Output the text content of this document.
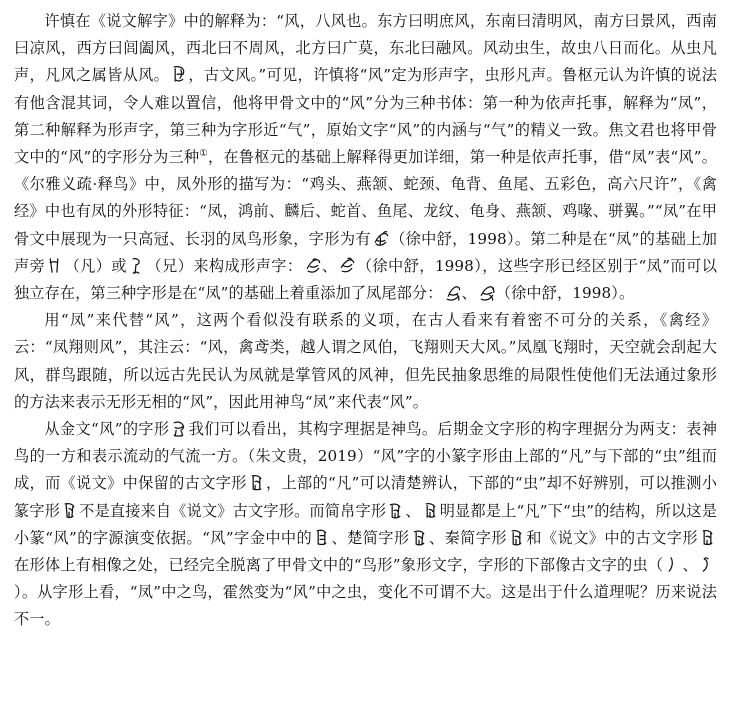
许慎在《说文解字》中的解释为：“风，八风也。东方曰明庶风，东南曰清明风，南方曰景风，西南曰凉风，西方曰闾阖风，西北曰不周风，北方曰广莫，东北曰融风。风动虫生，故虫八日而化。从虫凡声，凡风之属皆从风。 ，古文风。”可见，许慎将“风”定为形声字，虫形凡声。鲁枢元认为许慎的说法有他含混其词，令人难以置信，他将甲骨文中的“风”分为三种书体：第一种为依声托事，解释为“凤”，第二种解释为形声字，第三种为字形近“气”，原始文字“风”的内涵与“气”的精义一致。焦文君也将甲骨文中的“风”的字形分为三种①，在鲁枢元的基础上解释得更加详细，第一种是依声托事，借“凤”表“风”。《尔雅义疏·释鸟》中，凤外形的描写为：“鸡头、燕颔、蛇颈、龟背、鱼尾、五彩色，高六尺许”，《禽经》中也有凤的外形特征：“凤，鸿前、麟后、蛇首、鱼尾、龙纹、龟身、燕颔、鸡喙、骈翼。”“凤”在甲骨文中展现为一只高冠、长羽的凤鸟形象，字形为有 （徐中舒，1998）。第二种是在“凤”的基础上加声旁 （凡）或 （兄）来构成形声字： 、 （徐中舒，1998），这些字形已经区别于“凤”而可以独立存在，第三种字形是在“凤”的基础上着重添加了凤尾部分： 、 （徐中舒，1998）。
用“凤”来代替“风”，这两个看似没有联系的义项，在古人看来有着密不可分的关系，《禽经》云：“凤翔则风”，其注云：“风，禽鸢类，越人谓之风伯，飞翔则天大风。”凤凰飞翔时，天空就会刮起大风，群鸟跟随，所以远古先民认为凤就是掌管风的风神，但先民抽象思维的局限性使他们无法通过象形的方法来表示无形无相的“风”，因此用神鸟“凤”来代表“风”。
从金文“风”的字形 我们可以看出，其构字理据是神鸟。后期金文字形的构字理据分为两支：表神鸟的一方和表示流动的气流一方。（朱文贵，2019）“风”字的小篆字形由上部的“凡”与下部的“虫”组而成，而《说文》中保留的古文字形 ，上部的“凡”可以清楚辨认，下部的“虫”却不好辨别，可以推测小篆字形 不是直接来自《说文》古文字形。而简帛字形 、 明显都是上“凡”下“虫”的结构，所以这是小篆“风”的字源演变依据。“风”字金中中的 、楚简字形 、秦简字形 和《说文》中的古文字形
在形体上有相像之处，已经完全脱离了甲骨文中的“鸟形”象形文字，字形的下部像古文字的虫（ 、
）。从字形上看，“凤”中之鸟，霍然变为“风”中之虫，变化不可谓不大。这是出于什么道理呢？历来说法不一。
